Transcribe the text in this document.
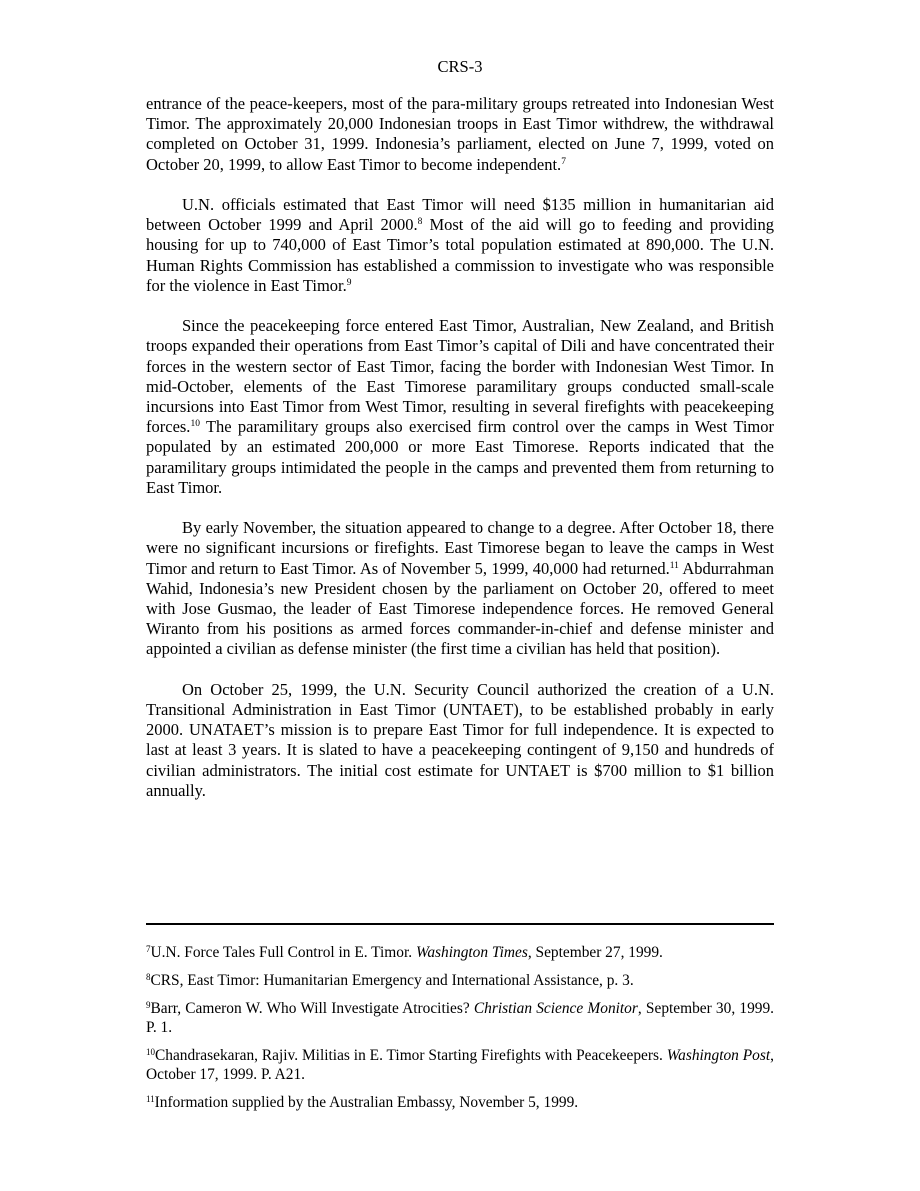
CRS-3

entrance of the peace-keepers, most of the para-military groups retreated into Indonesian West Timor. The approximately 20,000 Indonesian troops in East Timor withdrew, the withdrawal completed on October 31, 1999. Indonesia’s parliament, elected on June 7, 1999, voted on October 20, 1999, to allow East Timor to become independent.$^7$

U.N. officials estimated that East Timor will need $135 million in humanitarian aid between October 1999 and April 2000.$^8$ Most of the aid will go to feeding and providing housing for up to 740,000 of East Timor’s total population estimated at 890,000. The U.N. Human Rights Commission has established a commission to investigate who was responsible for the violence in East Timor.$^9$

Since the peacekeeping force entered East Timor, Australian, New Zealand, and British troops expanded their operations from East Timor’s capital of Dili and have concentrated their forces in the western sector of East Timor, facing the border with Indonesian West Timor. In mid-October, elements of the East Timorese paramilitary groups conducted small-scale incursions into East Timor from West Timor, resulting in several firefights with peacekeeping forces.$^{10}$ The paramilitary groups also exercised firm control over the camps in West Timor populated by an estimated 200,000 or more East Timorese. Reports indicated that the paramilitary groups intimidated the people in the camps and prevented them from returning to East Timor.

By early November, the situation appeared to change to a degree. After October 18, there were no significant incursions or firefights. East Timorese began to leave the camps in West Timor and return to East Timor. As of November 5, 1999, 40,000 had returned.$^{11}$ Abdurrahman Wahid, Indonesia’s new President chosen by the parliament on October 20, offered to meet with Jose Gusmao, the leader of East Timorese independence forces. He removed General Wiranto from his positions as armed forces commander-in-chief and defense minister and appointed a civilian as defense minister (the first time a civilian has held that position).

On October 25, 1999, the U.N. Security Council authorized the creation of a U.N. Transitional Administration in East Timor (UNTAET), to be established probably in early 2000. UNATAET’s mission is to prepare East Timor for full independence. It is expected to last at least 3 years. It is slated to have a peacekeeping contingent of 9,150 and hundreds of civilian administrators. The initial cost estimate for UNTAET is $700 million to $1 billion annually.

$^7$U.N. Force Tales Full Control in E. Timor. Washington Times, September 27, 1999.

$^8$CRS, East Timor: Humanitarian Emergency and International Assistance, p. 3.

$^9$Barr, Cameron W. Who Will Investigate Atrocities? Christian Science Monitor, September 30, 1999. P. 1.

$^{10}$Chandrasekaran, Rajiv. Militias in E. Timor Starting Firefights with Peacekeepers. Washington Post, October 17, 1999. P. A21.

$^{11}$Information supplied by the Australian Embassy, November 5, 1999.
